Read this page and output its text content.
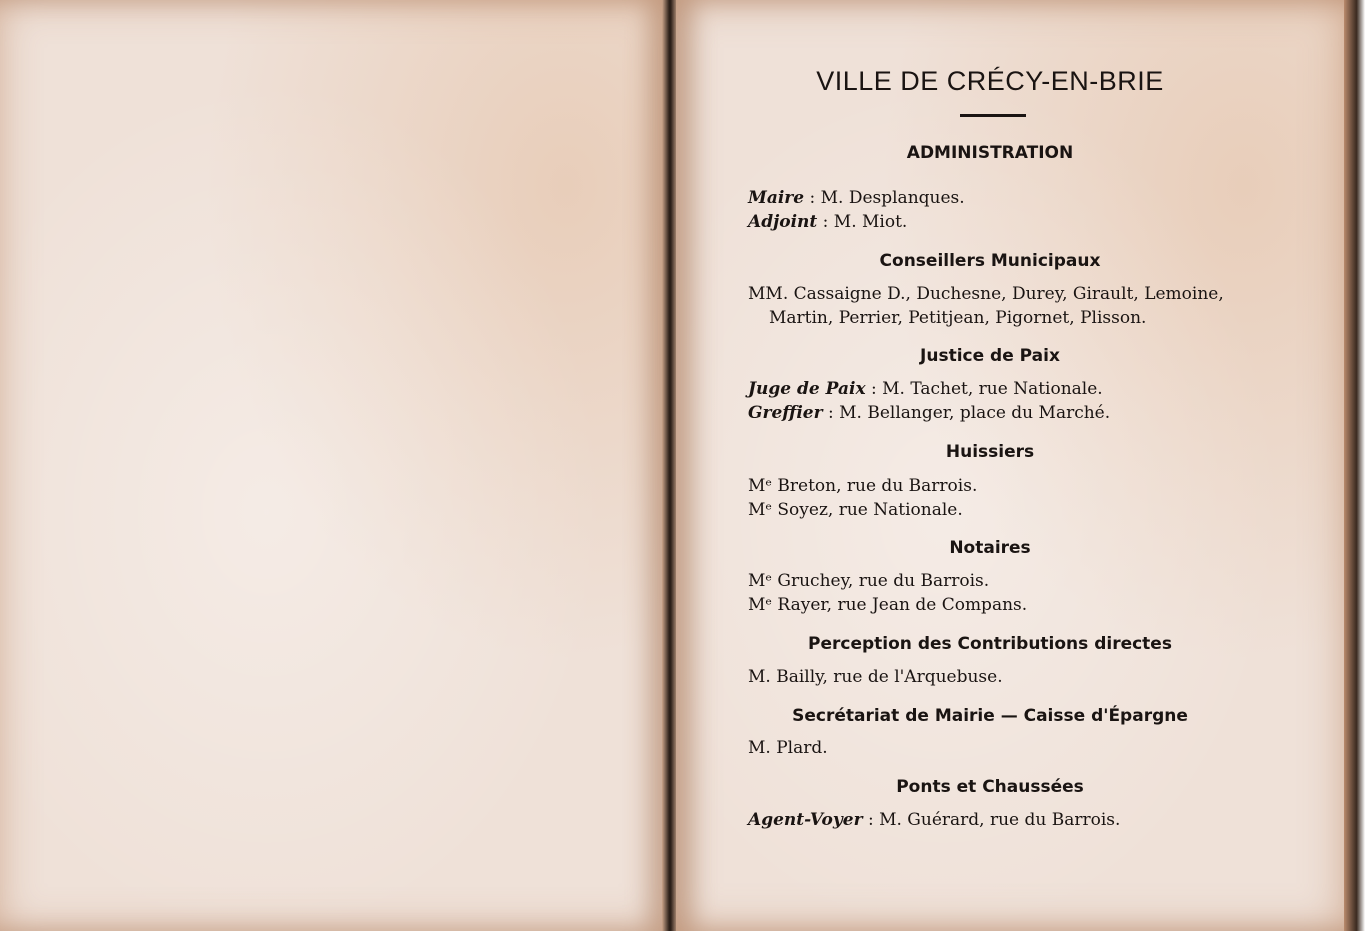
VILLE DE CRÉCY-EN-BRIE
ADMINISTRATION
Maire : M. Desplanques.
Adjoint : M. Miot.
Conseillers Municipaux
MM. Cassaigne D., Duchesne, Durey, Girault, Lemoine,
Martin, Perrier, Petitjean, Pigornet, Plisson.
Justice de Paix
Juge de Paix : M. Tachet, rue Nationale.
Greffier : M. Bellanger, place du Marché.
Huissiers
Mᵉ Breton, rue du Barrois.
Mᵉ Soyez, rue Nationale.
Notaires
Mᵉ Gruchey, rue du Barrois.
Mᵉ Rayer, rue Jean de Compans.
Perception des Contributions directes
M. Bailly, rue de l'Arquebuse.
Secrétariat de Mairie — Caisse d'Épargne
M. Plard.
Ponts et Chaussées
Agent-Voyer : M. Guérard, rue du Barrois.
